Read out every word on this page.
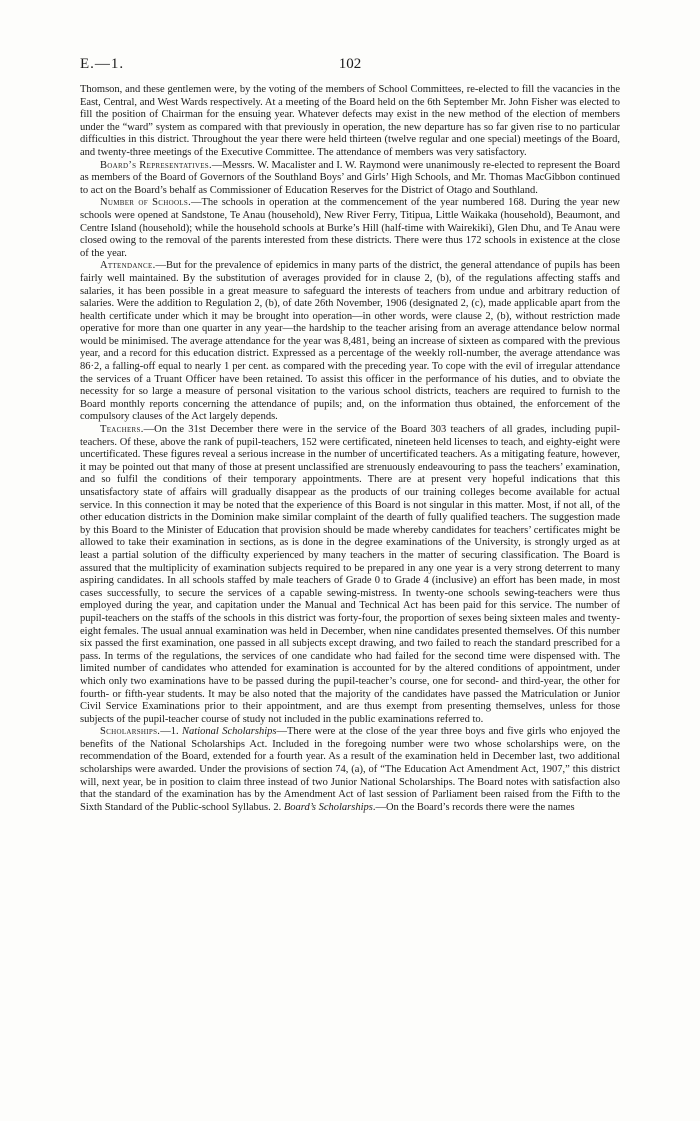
E.—1.	102

Thomson, and these gentlemen were, by the voting of the members of School Committees, re-elected to fill the vacancies in the East, Central, and West Wards respectively. At a meeting of the Board held on the 6th September Mr. John Fisher was elected to fill the position of Chairman for the ensuing year. Whatever defects may exist in the new method of the election of members under the “ward” system as compared with that previously in operation, the new departure has so far given rise to no particular difficulties in this district. Throughout the year there were held thirteen (twelve regular and one special) meetings of the Board, and twenty-three meetings of the Executive Committee. The attendance of members was very satisfactory.

Board’s Representatives.—Messrs. W. Macalister and I. W. Raymond were unanimously re-elected to represent the Board as members of the Board of Governors of the Southland Boys’ and Girls’ High Schools, and Mr. Thomas MacGibbon continued to act on the Board’s behalf as Commissioner of Education Reserves for the District of Otago and Southland.

Number of Schools.—The schools in operation at the commencement of the year numbered 168. During the year new schools were opened at Sandstone, Te Anau (household), New River Ferry, Titipua, Little Waikaka (household), Beaumont, and Centre Island (household); while the household schools at Burke’s Hill (half-time with Wairekiki), Glen Dhu, and Te Anau were closed owing to the removal of the parents interested from these districts. There were thus 172 schools in existence at the close of the year.

Attendance.—But for the prevalence of epidemics in many parts of the district, the general attendance of pupils has been fairly well maintained. By the substitution of averages provided for in clause 2, (b), of the regulations affecting staffs and salaries, it has been possible in a great measure to safeguard the interests of teachers from undue and arbitrary reduction of salaries. Were the addition to Regulation 2, (b), of date 26th November, 1906 (designated 2, (c), made applicable apart from the health certificate under which it may be brought into operation—in other words, were clause 2, (b), without restriction made operative for more than one quarter in any year—the hardship to the teacher arising from an average attendance below normal would be minimised. The average attendance for the year was 8,481, being an increase of sixteen as compared with the previous year, and a record for this education district. Expressed as a percentage of the weekly roll-number, the average attendance was 86·2, a falling-off equal to nearly 1 per cent. as compared with the preceding year. To cope with the evil of irregular attendance the services of a Truant Officer have been retained. To assist this officer in the performance of his duties, and to obviate the necessity for so large a measure of personal visitation to the various school districts, teachers are required to furnish to the Board monthly reports concerning the attendance of pupils; and, on the information thus obtained, the enforcement of the compulsory clauses of the Act largely depends.

Teachers.—On the 31st December there were in the service of the Board 303 teachers of all grades, including pupil-teachers. Of these, above the rank of pupil-teachers, 152 were certificated, nineteen held licenses to teach, and eighty-eight were uncertificated. These figures reveal a serious increase in the number of uncertificated teachers. As a mitigating feature, however, it may be pointed out that many of those at present unclassified are strenuously endeavouring to pass the teachers’ examination, and so fulfil the conditions of their temporary appointments. There are at present very hopeful indications that this unsatisfactory state of affairs will gradually disappear as the products of our training colleges become available for actual service. In this connection it may be noted that the experience of this Board is not singular in this matter. Most, if not all, of the other education districts in the Dominion make similar complaint of the dearth of fully qualified teachers. The suggestion made by this Board to the Minister of Education that provision should be made whereby candidates for teachers’ certificates might be allowed to take their examination in sections, as is done in the degree examinations of the University, is strongly urged as at least a partial solution of the difficulty experienced by many teachers in the matter of securing classification. The Board is assured that the multiplicity of examination subjects required to be prepared in any one year is a very strong deterrent to many aspiring candidates. In all schools staffed by male teachers of Grade 0 to Grade 4 (inclusive) an effort has been made, in most cases successfully, to secure the services of a capable sewing-mistress. In twenty-one schools sewing-teachers were thus employed during the year, and capitation under the Manual and Technical Act has been paid for this service. The number of pupil-teachers on the staffs of the schools in this district was forty-four, the proportion of sexes being sixteen males and twenty-eight females. The usual annual examination was held in December, when nine candidates presented themselves. Of this number six passed the first examination, one passed in all subjects except drawing, and two failed to reach the standard prescribed for a pass. In terms of the regulations, the services of one candidate who had failed for the second time were dispensed with. The limited number of candidates who attended for examination is accounted for by the altered conditions of appointment, under which only two examinations have to be passed during the pupil-teacher’s course, one for second- and third-year, the other for fourth- or fifth-year students. It may be also noted that the majority of the candidates have passed the Matriculation or Junior Civil Service Examinations prior to their appointment, and are thus exempt from presenting themselves, unless for those subjects of the pupil-teacher course of study not included in the public examinations referred to.

Scholarships.—1. National Scholarships—There were at the close of the year three boys and five girls who enjoyed the benefits of the National Scholarships Act. Included in the foregoing number were two whose scholarships were, on the recommendation of the Board, extended for a fourth year. As a result of the examination held in December last, two additional scholarships were awarded. Under the provisions of section 74, (a), of “The Education Act Amendment Act, 1907,” this district will, next year, be in position to claim three instead of two Junior National Scholarships. The Board notes with satisfaction also that the standard of the examination has by the Amendment Act of last session of Parliament been raised from the Fifth to the Sixth Standard of the Public-school Syllabus. 2. Board’s Scholarships.—On the Board’s records there were the names
